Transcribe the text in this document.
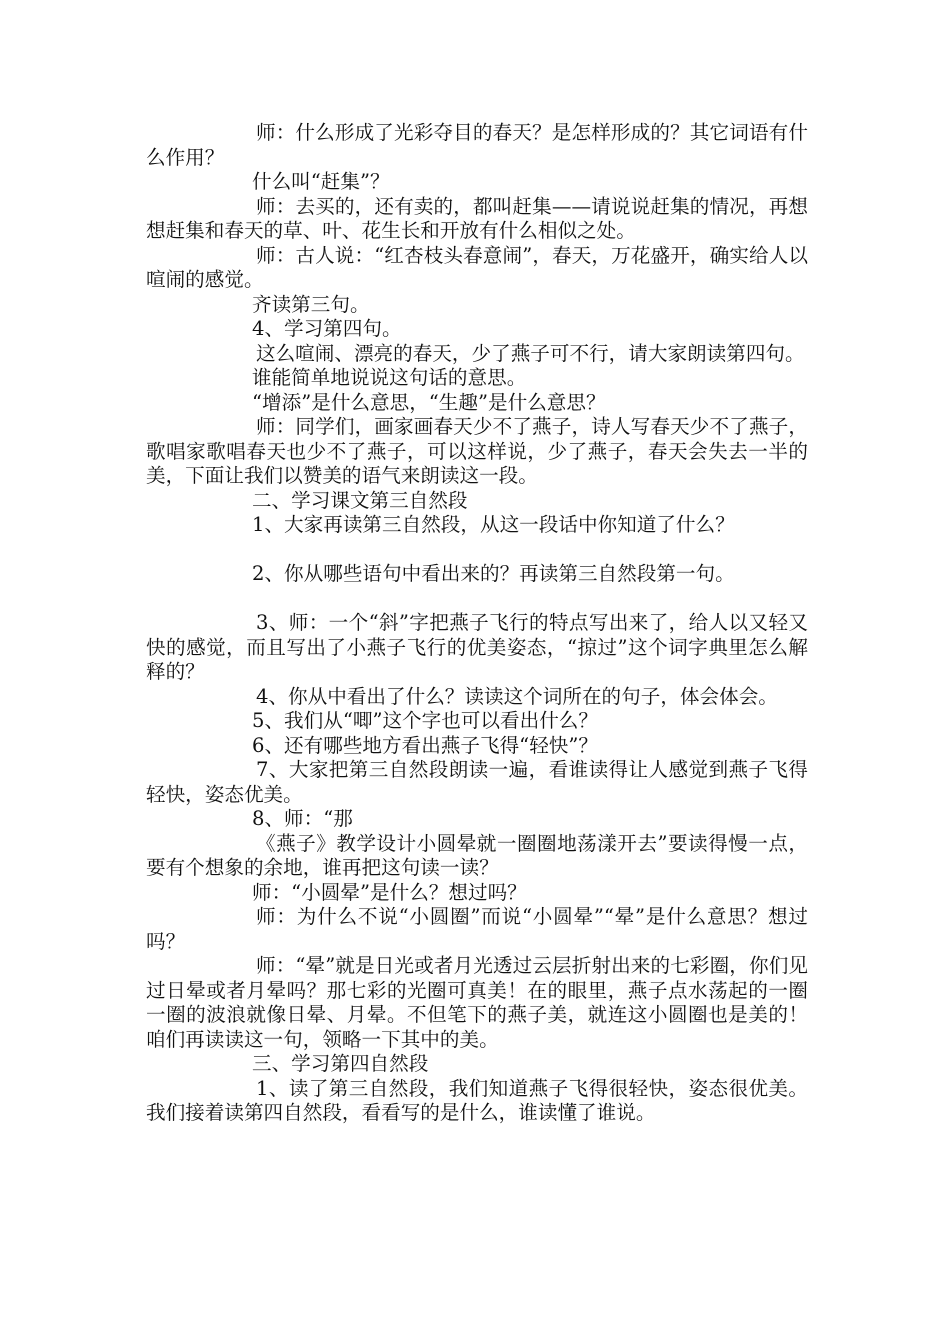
师：什么形成了光彩夺目的春天？是怎样形成的？其它词语有什么作用？

什么叫“赶集”？

师：去买的，还有卖的，都叫赶集——请说说赶集的情况，再想想赶集和春天的草、叶、花生长和开放有什么相似之处。

师：古人说：“红杏枝头春意闹”，春天，万花盛开，确实给人以喧闹的感觉。

齐读第三句。

4、学习第四句。

这么喧闹、漂亮的春天，少了燕子可不行，请大家朗读第四句。

谁能简单地说说这句话的意思。

“增添”是什么意思，“生趣”是什么意思？

师：同学们，画家画春天少不了燕子，诗人写春天少不了燕子，歌唱家歌唱春天也少不了燕子，可以这样说，少了燕子，春天会失去一半的美，下面让我们以赞美的语气来朗读这一段。

二、学习课文第三自然段

1、大家再读第三自然段，从这一段话中你知道了什么？

2、你从哪些语句中看出来的？再读第三自然段第一句。

3、师：一个“斜”字把燕子飞行的特点写出来了，给人以又轻又快的感觉，而且写出了小燕子飞行的优美姿态，“掠过”这个词字典里怎么解释的？

4、你从中看出了什么？读读这个词所在的句子，体会体会。

5、我们从“唧”这个字也可以看出什么？

6、还有哪些地方看出燕子飞得“轻快”？

7、大家把第三自然段朗读一遍，看谁读得让人感觉到燕子飞得轻快，姿态优美。

8、师：“那

《燕子》教学设计小圆晕就一圈圈地荡漾开去”要读得慢一点，要有个想象的余地，谁再把这句读一读？

师：“小圆晕”是什么？想过吗？

师：为什么不说“小圆圈”而说“小圆晕”“晕”是什么意思？想过吗？

师：“晕”就是日光或者月光透过云层折射出来的七彩圈，你们见过日晕或者月晕吗？那七彩的光圈可真美！在的眼里，燕子点水荡起的一圈一圈的波浪就像日晕、月晕。不但笔下的燕子美，就连这小圆圈也是美的！咱们再读读这一句，领略一下其中的美。

三、学习第四自然段

1、读了第三自然段，我们知道燕子飞得很轻快，姿态很优美。我们接着读第四自然段，看看写的是什么，谁读懂了谁说。
